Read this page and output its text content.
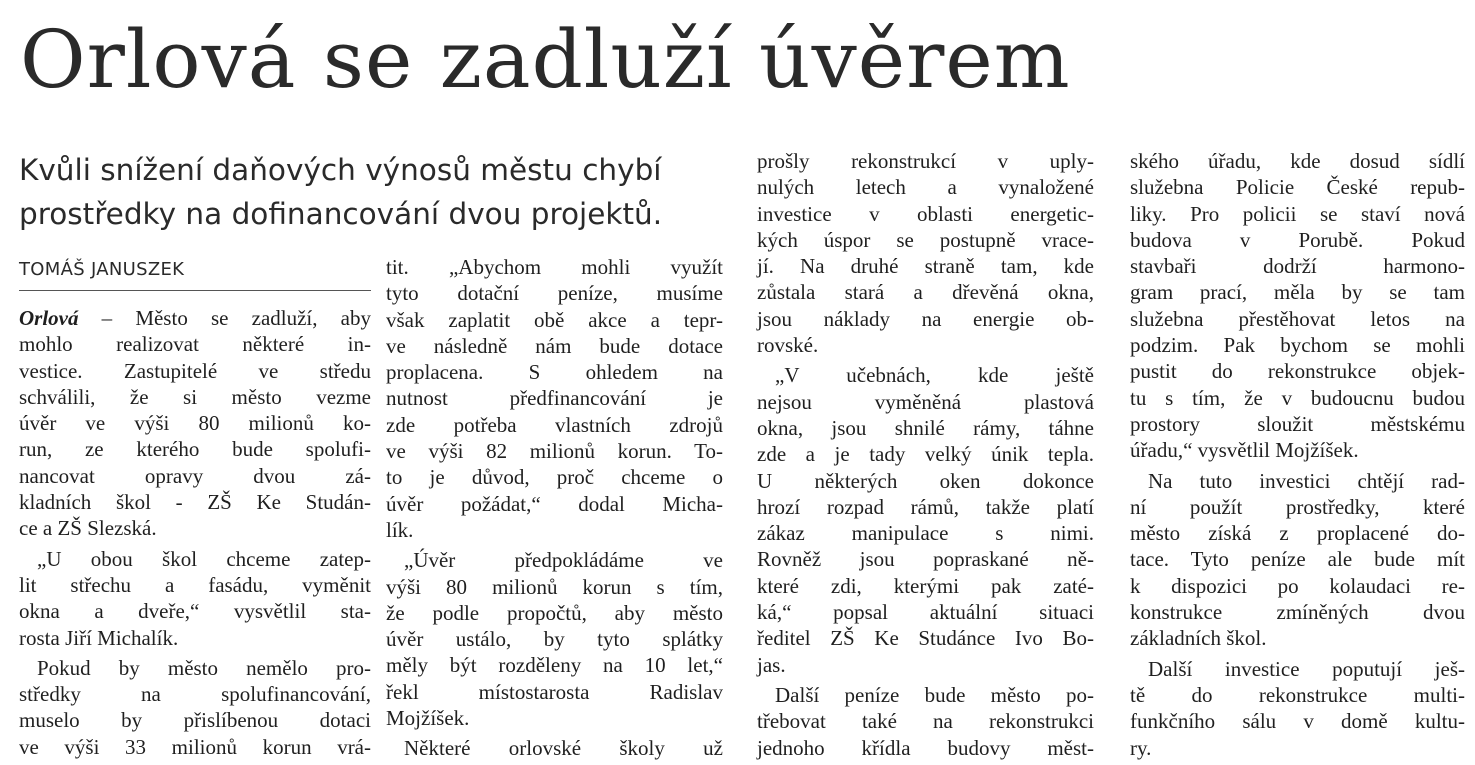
Orlová se zadluží úvěrem
Kvůli snížení daňových výnosů městu chybí
prostředky na dofinancování dvou projektů.
TOMÁŠ JANUSZEK
Orlová – Město se zadluží, aby
mohlo realizovat některé in-
vestice. Zastupitelé ve středu
schválili, že si město vezme
úvěr ve výši 80 milionů ko-
run, ze kterého bude spolufi-
nancovat opravy dvou zá-
kladních škol - ZŠ Ke Studán-
ce a ZŠ Slezská.
„U obou škol chceme zatep-
lit střechu a fasádu, vyměnit
okna a dveře,“ vysvětlil sta-
rosta Jiří Michalík.
Pokud by město nemělo pro-
středky na spolufinancování,
muselo by přislíbenou dotaci
ve výši 33 milionů korun vrá-
tit. „Abychom mohli využít
tyto dotační peníze, musíme
však zaplatit obě akce a tepr-
ve následně nám bude dotace
proplacena. S ohledem na
nutnost předfinancování je
zde potřeba vlastních zdrojů
ve výši 82 milionů korun. To-
to je důvod, proč chceme o
úvěr požádat,“ dodal Micha-
lík.
„Úvěr předpokládáme ve
výši 80 milionů korun s tím,
že podle propočtů, aby město
úvěr ustálo, by tyto splátky
měly být rozděleny na 10 let,“
řekl místostarosta Radislav
Mojžíšek.
Některé orlovské školy už
prošly rekonstrukcí v uply-
nulých letech a vynaložené
investice v oblasti energetic-
kých úspor se postupně vrace-
jí. Na druhé straně tam, kde
zůstala stará a dřevěná okna,
jsou náklady na energie ob-
rovské.
„V učebnách, kde ještě
nejsou vyměněná plastová
okna, jsou shnilé rámy, táhne
zde a je tady velký únik tepla.
U některých oken dokonce
hrozí rozpad rámů, takže platí
zákaz manipulace s nimi.
Rovněž jsou popraskané ně-
které zdi, kterými pak zaté-
ká,“ popsal aktuální situaci
ředitel ZŠ Ke Studánce Ivo Bo-
jas.
Další peníze bude město po-
třebovat také na rekonstrukci
jednoho křídla budovy měst-
ského úřadu, kde dosud sídlí
služebna Policie České repub-
liky. Pro policii se staví nová
budova v Porubě. Pokud
stavbaři dodrží harmono-
gram prací, měla by se tam
služebna přestěhovat letos na
podzim. Pak bychom se mohli
pustit do rekonstrukce objek-
tu s tím, že v budoucnu budou
prostory sloužit městskému
úřadu,“ vysvětlil Mojžíšek.
Na tuto investici chtějí rad-
ní použít prostředky, které
město získá z proplacené do-
tace. Tyto peníze ale bude mít
k dispozici po kolaudaci re-
konstrukce zmíněných dvou
základních škol.
Další investice poputují ješ-
tě do rekonstrukce multi-
funkčního sálu v domě kultu-
ry.
